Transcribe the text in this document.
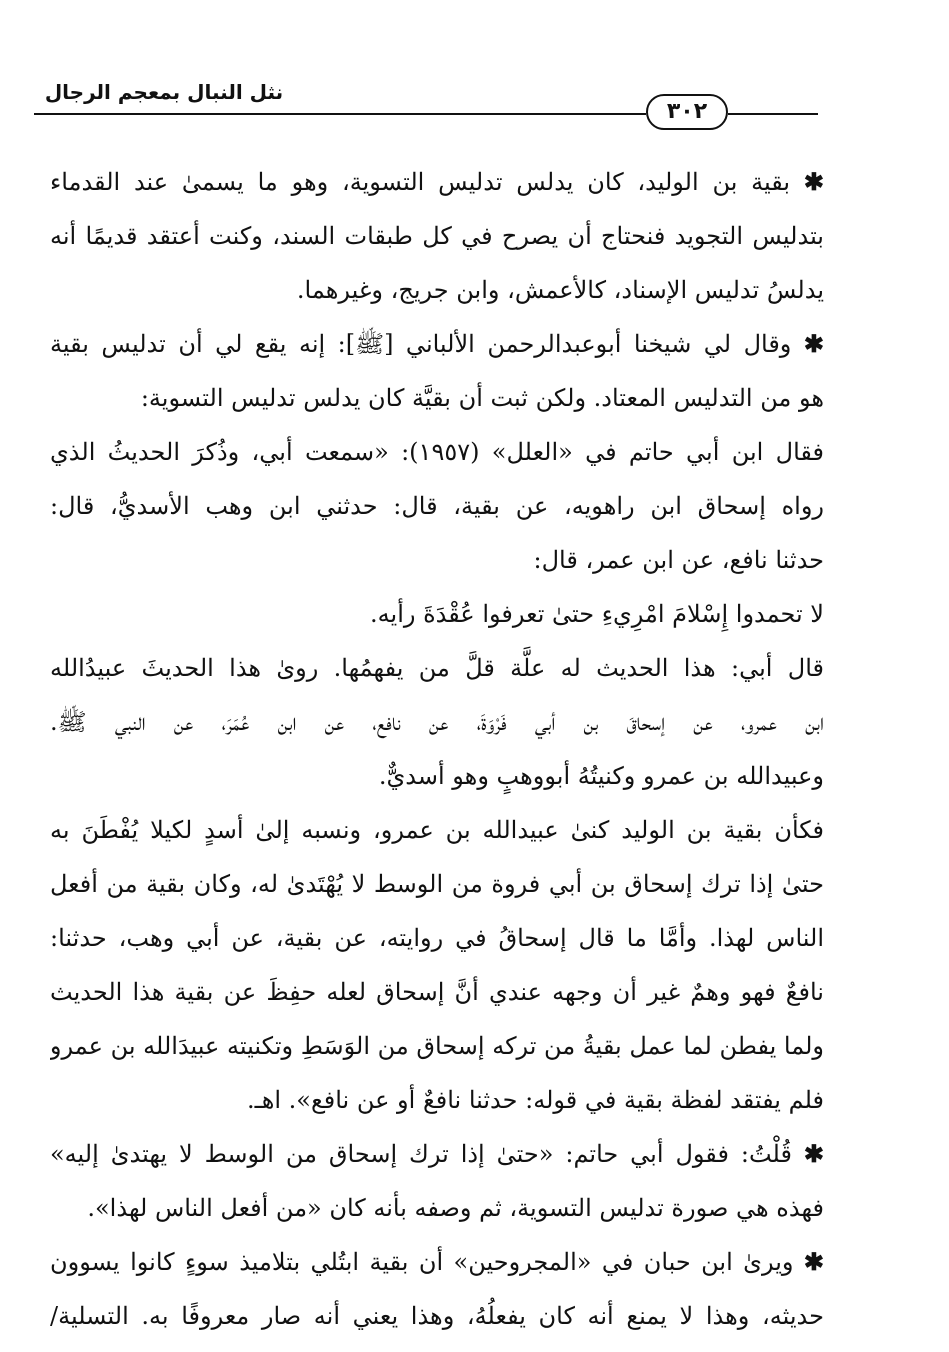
نثل النبال بمعجم الرجال
٣٠٢
✱ بقية بن الوليد، كان يدلس تدليس التسوية، وهو ما يسمىٰ عند القدماء
بتدليس التجويد فنحتاج أن يصرح في كل طبقات السند، وكنت أعتقد قديمًا أنه
يدلسُ تدليس الإسناد، كالأعمش، وابن جريج، وغيرهما.
✱ وقال لي شيخنا أبوعبدالرحمن الألباني [ﷺ]: إنه يقع لي أن تدليس بقية
هو من التدليس المعتاد. ولكن ثبت أن بقيَّة كان يدلس تدليس التسوية:
فقال ابن أبي حاتم في «العلل» (١٩٥٧): «سمعت أبي، وذُكرَ الحديثُ الذي
رواه إسحاق ابن راهويه، عن بقية، قال: حدثني ابن وهب الأسديُّ، قال:
حدثنا نافع، عن ابن عمر، قال:
لا تحمدوا إِسْلامَ امْرِيءِ حتىٰ تعرفوا عُقْدَةَ رأيه.
قال أبي: هذا الحديث له علَّة قلَّ من يفهمُها. روىٰ هذا الحديثَ عبيدُالله
ابن عمرو، عن إسحاقَ بن أبي فَرْوَةَ، عن نافع، عن ابن عُمَرَ، عن النبي ﷺ.
وعبيدالله بن عمرو وكنيتُهُ أبووهبٍ وهو أسديٌّ.
فكأن بقية بن الوليد كنىٰ عبيدالله بن عمرو، ونسبه إلىٰ أسدٍ لكيلا يُفْطَنَ به
حتىٰ إذا ترك إسحاق بن أبي فروة من الوسط لا يُهْتَدىٰ له، وكان بقية من أفعل
الناس لهذا. وأمَّا ما قال إسحاقُ في روايته، عن بقية، عن أبي وهب، حدثنا:
نافعٌ فهو وهمٌ غير أن وجهه عندي أنَّ إسحاق لعله حفِظَ عن بقية هذا الحديث
ولما يفطن لما عمل بقيةُ من تركه إسحاق من الوَسَطِ وتكنيته عبيدَالله بن عمرو
فلم يفتقد لفظة بقية في قوله: حدثنا نافعٌ أو عن نافع». اهـ.
✱ قُلْتُ: فقول أبي حاتم: «حتىٰ إذا ترك إسحاق من الوسط لا يهتدىٰ إليه»
فهذه هي صورة تدليس التسوية، ثم وصفه بأنه كان «من أفعل الناس لهذا».
✱ ويرىٰ ابن حبان في «المجروحين» أن بقية ابتُلي بتلاميذ سوءٍ كانوا يسوون
حديثه، وهذا لا يمنع أنه كان يفعلُهُ، وهذا يعني أنه صار معروفًا به. التسلية/
